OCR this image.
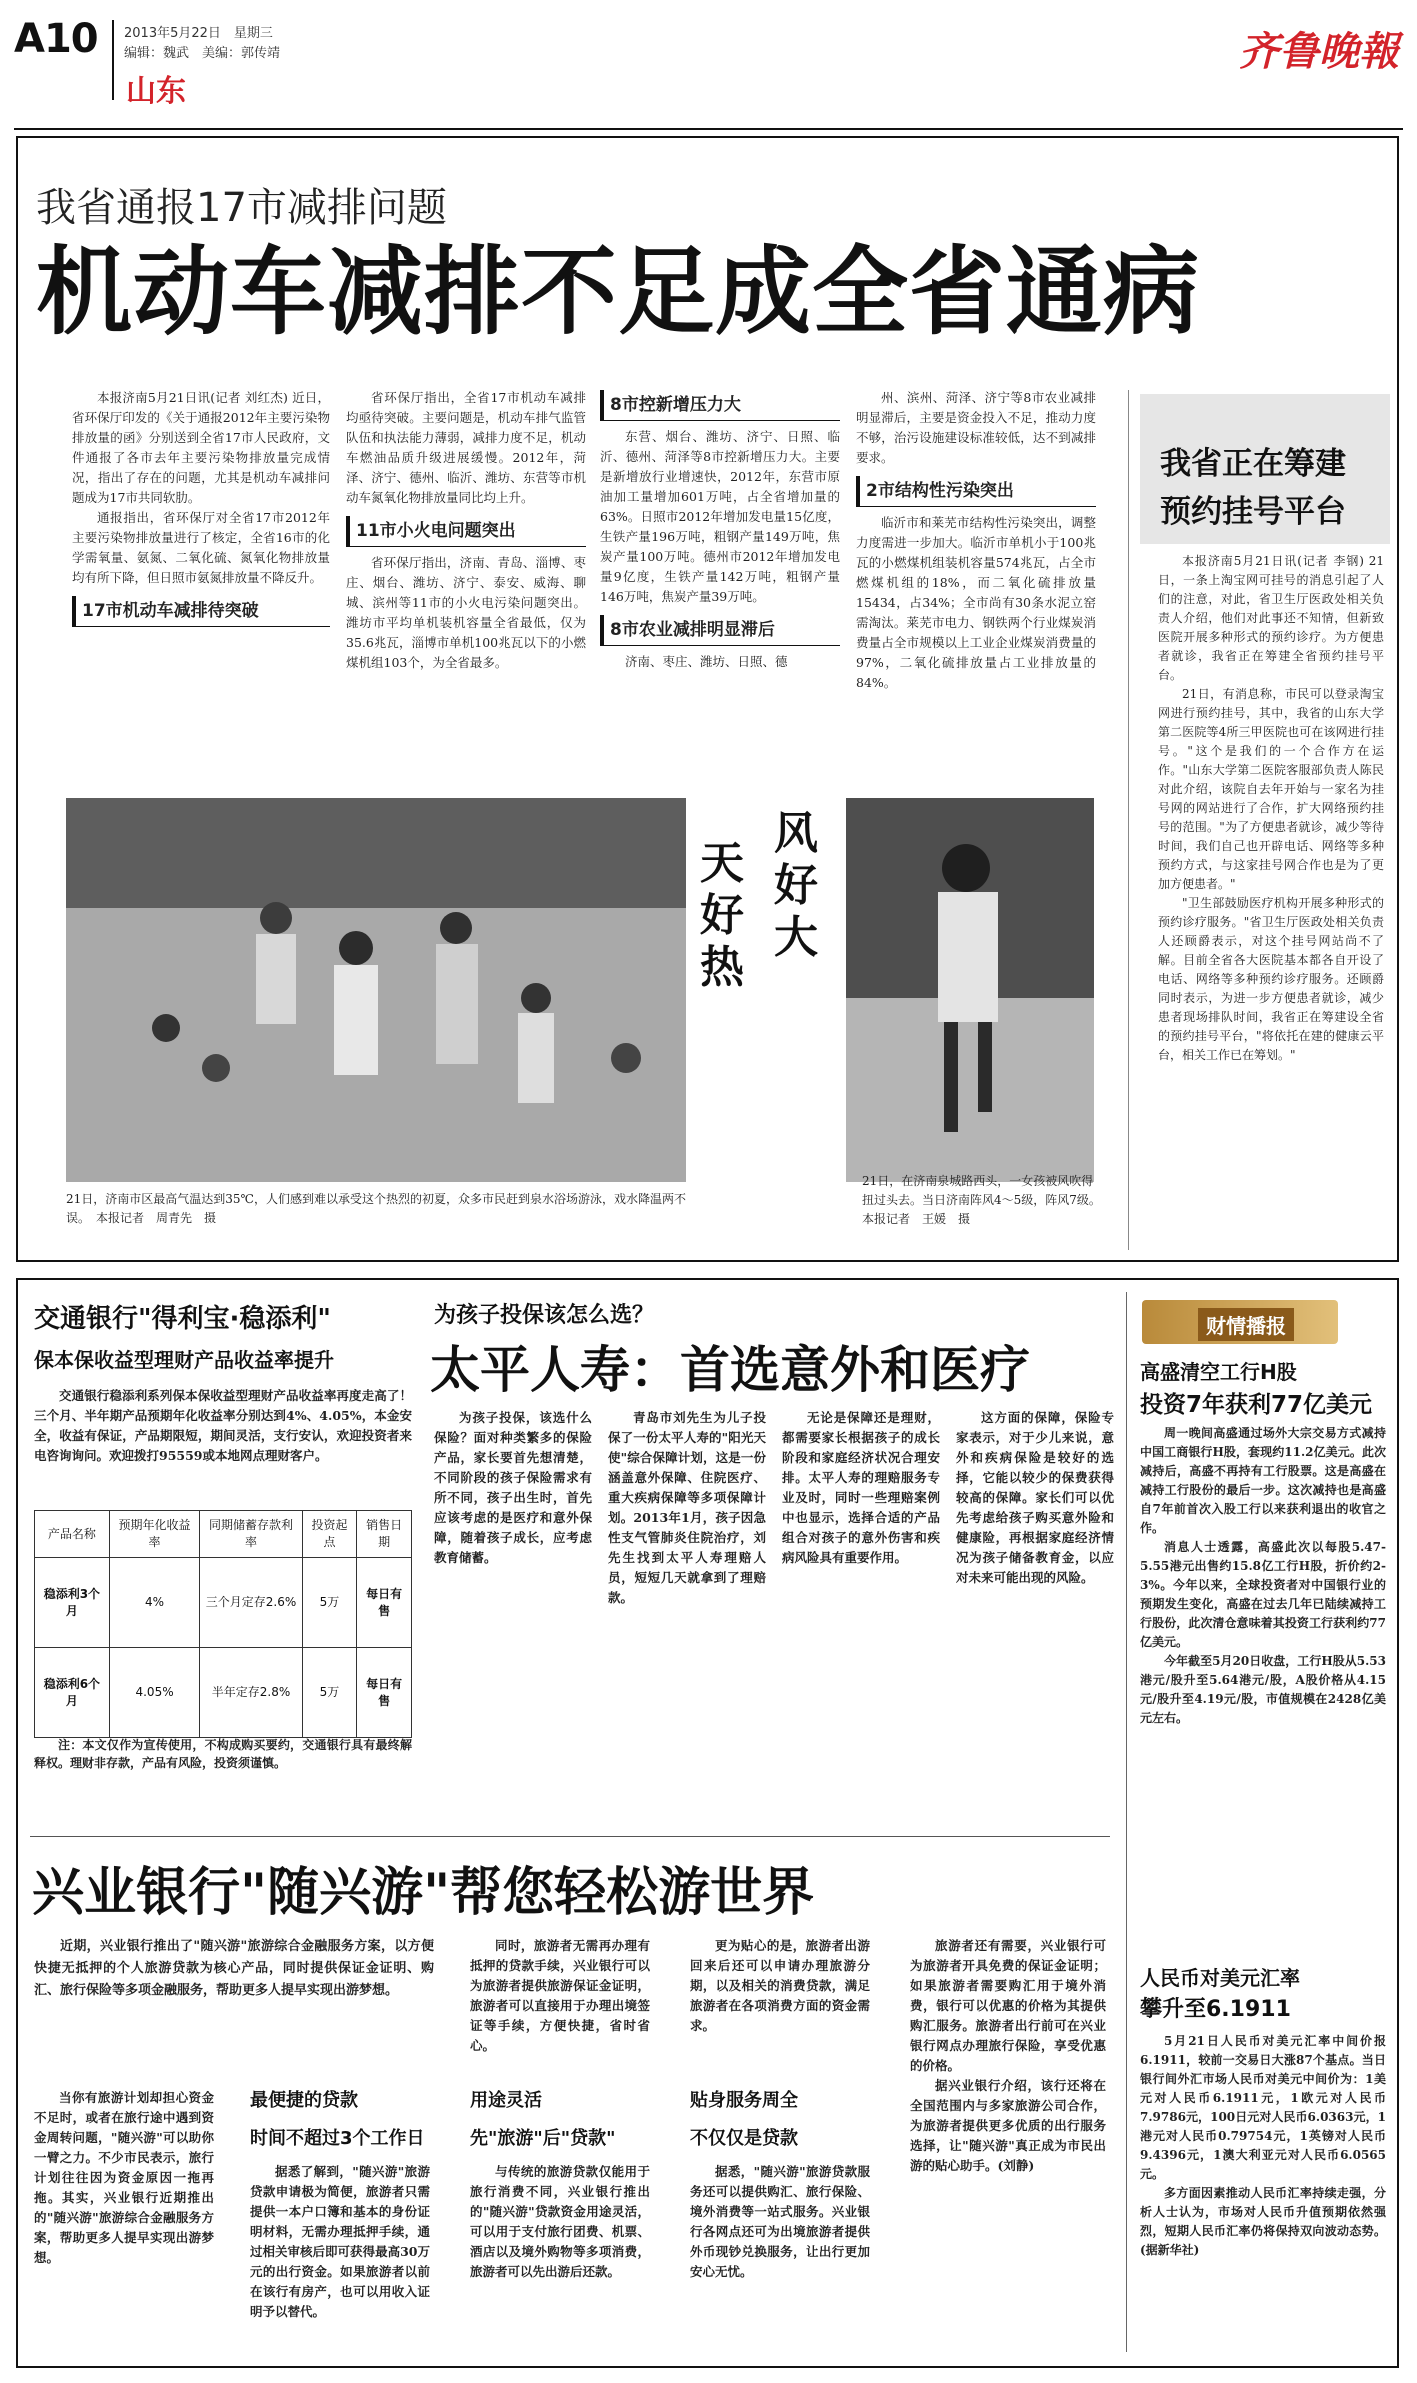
A10 2013年5月22日　星期三
编辑：魏武　美编：郭传靖
山东
齐鲁晚報
我省通报17市减排问题
机动车减排不足成全省通病

本报济南5月21日讯(记者 刘红杰) 近日，省环保厅印发的《关于通报2012年主要污染物排放量的函》分别送到全省17市人民政府，文件通报了各市去年主要污染物排放量完成情况，指出了存在的问题，尤其是机动车减排问题成为17市共同软肋。

通报指出，省环保厅对全省17市2012年主要污染物排放量进行了核定，全省16市的化学需氧量、氨氮、二氧化硫、氮氧化物排放量均有所下降，但日照市氨氮排放量不降反升。

17市机动车减排待突破

省环保厅指出，全省17市机动车减排均亟待突破。主要问题是，机动车排气监管队伍和执法能力薄弱，减排力度不足，机动车燃油品质升级进展缓慢。2012年，菏泽、济宁、德州、临沂、潍坊、东营等市机动车氮氧化物排放量同比均上升。

11市小火电问题突出

省环保厅指出，济南、青岛、淄博、枣庄、烟台、潍坊、济宁、泰安、威海、聊城、滨州等11市的小火电污染问题突出。潍坊市平均单机装机容量全省最低，仅为35.6兆瓦，淄博市单机100兆瓦以下的小燃煤机组103个，为全省最多。

8市控新增压力大

东营、烟台、潍坊、济宁、日照、临沂、德州、菏泽等8市控新增压力大。主要是新增放行业增速快，2012年，东营市原油加工量增加601万吨，占全省增加量的63%。日照市2012年增加发电量15亿度，生铁产量196万吨，粗钢产量149万吨，焦炭产量100万吨。德州市2012年增加发电量9亿度，生铁产量142万吨，粗钢产量146万吨，焦炭产量39万吨。

8市农业减排明显滞后

济南、枣庄、潍坊、日照、德

州、滨州、菏泽、济宁等8市农业减排明显滞后，主要是资金投入不足，推动力度不够，治污设施建设标准较低，达不到减排要求。

2市结构性污染突出

临沂市和莱芜市结构性污染突出，调整力度需进一步加大。临沂市单机小于100兆瓦的小燃煤机组装机容量574兆瓦，占全市燃煤机组的18%，而二氧化硫排放量15434，占34%；全市尚有30条水泥立窑需淘汰。莱芜市电力、钢铁两个行业煤炭消费量占全市规模以上工业企业煤炭消费量的97%，二氧化硫排放量占工业排放量的84%。

我省正在筹建
预约挂号平台

本报济南5月21日讯(记者 李钢) 21日，一条上淘宝网可挂号的消息引起了人们的注意，对此，省卫生厅医政处相关负责人介绍，他们对此事还不知情，但新致医院开展多种形式的预约诊疗。为方便患者就诊，我省正在筹建全省预约挂号平台。

21日，有消息称，市民可以登录淘宝网进行预约挂号，其中，我省的山东大学第二医院等4所三甲医院也可在该网进行挂号。"这个是我们的一个合作方在运作。"山东大学第二医院客服部负责人陈民对此介绍，该院自去年开始与一家名为挂号网的网站进行了合作，扩大网络预约挂号的范围。"为了方便患者就诊，减少等待时间，我们自己也开辟电话、网络等多种预约方式，与这家挂号网合作也是为了更加方便患者。"

"卫生部鼓励医疗机构开展多种形式的预约诊疗服务。"省卫生厅医政处相关负责人还顾爵表示，对这个挂号网站尚不了解。目前全省各大医院基本都各自开设了电话、网络等多种预约诊疗服务。还顾爵同时表示，为进一步方便患者就诊，减少患者现场排队时间，我省正在筹建设全省的预约挂号平台，"将依托在建的健康云平台，相关工作已在筹划。"

21日，济南市区最高气温达到35℃，人们感到难以承受这个热烈的初夏，众多市民赶到泉水浴场游泳，戏水降温两不误。　本报记者　周青先　摄
天好热
风好大
21日，在济南泉城路西头，一女孩被风吹得扭过头去。当日济南阵风4～5级，阵风7级。　本报记者　王媛　摄
交通银行"得利宝·稳添利"
保本保收益型理财产品收益率提升

交通银行稳添利系列保本保收益型理财产品收益率再度走高了！三个月、半年期产品预期年化收益率分别达到4%、4.05%，本金安全，收益有保证，产品期限短，期间灵活，支行安认，欢迎投资者来电咨询询问。欢迎拨打95559或本地网点理财客户。

产品名称	预期年化收益率	同期储蓄存款利率	投资起点	销售日期
稳添利3个月	4%	三个月定存2.6%	5万	每日有售
稳添利6个月	4.05%	半年定存2.8%	5万	每日有售

注：本文仅作为宣传使用，不构成购买要约，交通银行具有最终解释权。理财非存款，产品有风险，投资须谨慎。

为孩子投保该怎么选？
太平人寿：首选意外和医疗

为孩子投保，该选什么保险？面对种类繁多的保险产品，家长要首先想清楚，不同阶段的孩子保险需求有所不同，孩子出生时，首先应该考虑的是医疗和意外保障，随着孩子成长，应考虑教育储蓄。

青岛市刘先生为儿子投保了一份太平人寿的"阳光天使"综合保障计划，这是一份涵盖意外保障、住院医疗、重大疾病保障等多项保障计划。2013年1月，孩子因急性支气管肺炎住院治疗，刘先生找到太平人寿理赔人员，短短几天就拿到了理赔款。

无论是保障还是理财，都需要家长根据孩子的成长阶段和家庭经济状况合理安排。太平人寿的理赔服务专业及时，同时一些理赔案例中也显示，选择合适的产品组合对孩子的意外伤害和疾病风险具有重要作用。

这方面的保障，保险专家表示，对于少儿来说，意外和疾病保险是较好的选择，它能以较少的保费获得较高的保障。家长们可以优先考虑给孩子购买意外险和健康险，再根据家庭经济情况为孩子储备教育金，以应对未来可能出现的风险。

财情播报
高盛清空工行H股
投资7年获利77亿美元

周一晚间高盛通过场外大宗交易方式减持中国工商银行H股，套现约11.2亿美元。此次减持后，高盛不再持有工行股票。这是高盛在减持工行股份的最后一步。这次减持也是高盛自7年前首次入股工行以来获利退出的收官之作。

消息人士透露，高盛此次以每股5.47-5.55港元出售约15.8亿工行H股，折价约2-3%。今年以来，全球投资者对中国银行业的预期发生变化，高盛在过去几年已陆续减持工行股份，此次清仓意味着其投资工行获利约77亿美元。

今年截至5月20日收盘，工行H股从5.53港元/股升至5.64港元/股，A股价格从4.15元/股升至4.19元/股，市值规模在2428亿美元左右。

人民币对美元汇率
攀升至6.1911

5月21日人民币对美元汇率中间价报6.1911，较前一交易日大涨87个基点。当日银行间外汇市场人民币对美元中间价为：1美元对人民币6.1911元，1欧元对人民币7.9786元，100日元对人民币6.0363元，1港元对人民币0.79754元，1英镑对人民币9.4396元，1澳大利亚元对人民币6.0565元。

多方面因素推动人民币汇率持续走强，分析人士认为，市场对人民币升值预期依然强烈，短期人民币汇率仍将保持双向波动态势。(据新华社)

兴业银行"随兴游"帮您轻松游世界

近期，兴业银行推出了"随兴游"旅游综合金融服务方案，以方便快捷无抵押的个人旅游贷款为核心产品，同时提供保证金证明、购汇、旅行保险等多项金融服务，帮助更多人提早实现出游梦想。

当你有旅游计划却担心资金不足时，或者在旅行途中遇到资金周转问题，"随兴游"可以助你一臂之力。不少市民表示，旅行计划往往因为资金原因一拖再拖。其实，兴业银行近期推出的"随兴游"旅游综合金融服务方案，帮助更多人提早实现出游梦想。

最便捷的贷款
时间不超过3个工作日

据悉了解到，"随兴游"旅游贷款申请极为简便，旅游者只需提供一本户口簿和基本的身份证明材料，无需办理抵押手续，通过相关审核后即可获得最高30万元的出行资金。如果旅游者以前在该行有房产，也可以用收入证明予以替代。

同时，旅游者无需再办理有抵押的贷款手续，兴业银行可以为旅游者提供旅游保证金证明，旅游者可以直接用于办理出境签证等手续，方便快捷，省时省心。

用途灵活
先"旅游"后"贷款"

与传统的旅游贷款仅能用于旅行消费不同，兴业银行推出的"随兴游"贷款资金用途灵活，可以用于支付旅行团费、机票、酒店以及境外购物等多项消费，旅游者可以先出游后还款。

更为贴心的是，旅游者出游回来后还可以申请办理旅游分期，以及相关的消费贷款，满足旅游者在各项消费方面的资金需求。

贴身服务周全
不仅仅是贷款

据悉，"随兴游"旅游贷款服务还可以提供购汇、旅行保险、境外消费等一站式服务。兴业银行各网点还可为出境旅游者提供外币现钞兑换服务，让出行更加安心无忧。

旅游者还有需要，兴业银行可为旅游者开具免费的保证金证明；如果旅游者需要购汇用于境外消费，银行可以优惠的价格为其提供购汇服务。旅游者出行前可在兴业银行网点办理旅行保险，享受优惠的价格。

据兴业银行介绍，该行还将在全国范围内与多家旅游公司合作，为旅游者提供更多优质的出行服务选择，让"随兴游"真正成为市民出游的贴心助手。(刘静)
